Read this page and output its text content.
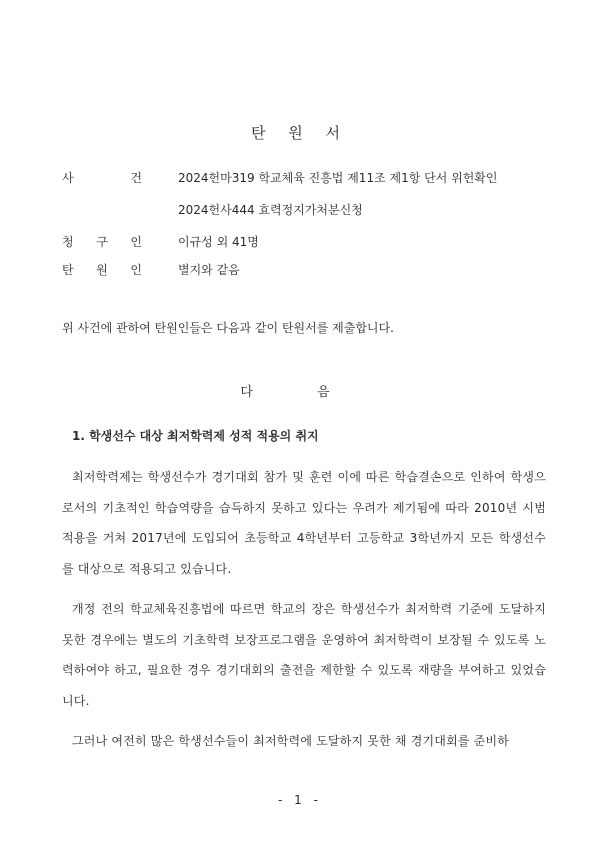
탄 원 서
사	건	2024헌마319 학교체육 진흥법 제11조 제1항 단서 위헌확인
2024헌사444 효력정지가처분신청
청 구 인	이규성 외 41명
탄 원 인	별지와 같음
위 사건에 관하여 탄원인들은 다음과 같이 탄원서를 제출합니다.
다 음
1. 학생선수 대상 최저학력제 성적 적용의 취지

최저학력제는 학생선수가 경기대회 참가 및 훈련 이에 따른 학습결손으로 인하여 학생으로서의 기초적인 학습역량을 습득하지 못하고 있다는 우려가 제기됨에 따라 2010년 시범 적용을 거쳐 2017년에 도입되어 초등학교 4학년부터 고등학교 3학년까지 모든 학생선수를 대상으로 적용되고 있습니다.

개정 전의 학교체육진흥법에 따르면 학교의 장은 학생선수가 최저학력 기준에 도달하지 못한 경우에는 별도의 기초학력 보장프로그램을 운영하여 최저학력이 보장될 수 있도록 노력하여야 하고, 필요한 경우 경기대회의 출전을 제한할 수 있도록 재량을 부여하고 있었습니다.

그러나 여전히 많은 학생선수들이 최저학력에 도달하지 못한 채 경기대회를 준비하

- 1 -
